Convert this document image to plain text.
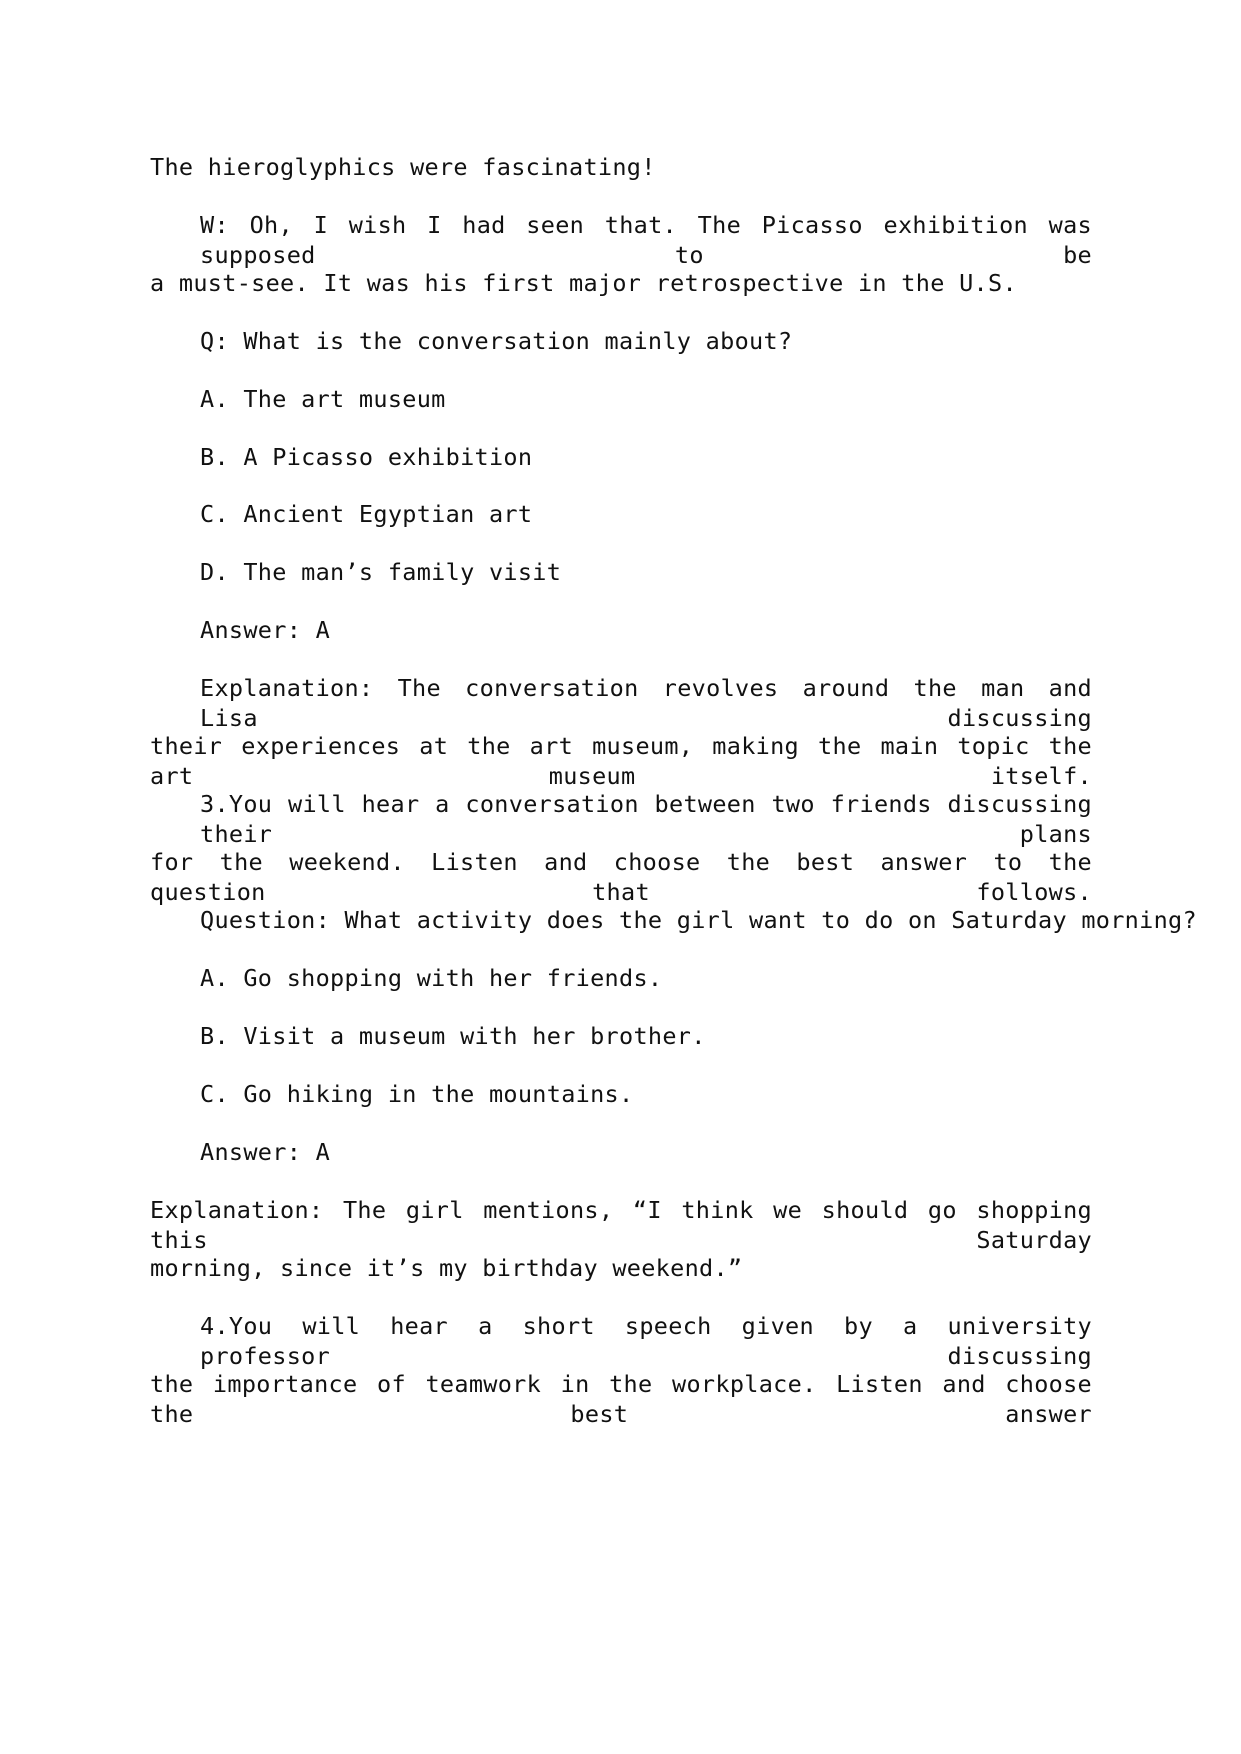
The hieroglyphics were fascinating!

W: Oh, I wish I had seen that. The Picasso exhibition was supposed to be

a must-see. It was his first major retrospective in the U.S.

Q: What is the conversation mainly about?

A. The art museum

B. A Picasso exhibition

C. Ancient Egyptian art

D. The man’s family visit

Answer: A

Explanation: The conversation revolves around the man and Lisa discussing

their experiences at the art museum, making the main topic the art museum itself.

3.You will hear a conversation between two friends discussing their plans

for the weekend. Listen and choose the best answer to the question that follows.

Question: What activity does the girl want to do on Saturday morning?

A. Go shopping with her friends.

B. Visit a museum with her brother.

C. Go hiking in the mountains.

Answer: A

Explanation: The girl mentions, “I think we should go shopping this Saturday

morning, since it’s my birthday weekend.”

4.You will hear a short speech given by a university professor discussing

the importance of teamwork in the workplace. Listen and choose the best answer
